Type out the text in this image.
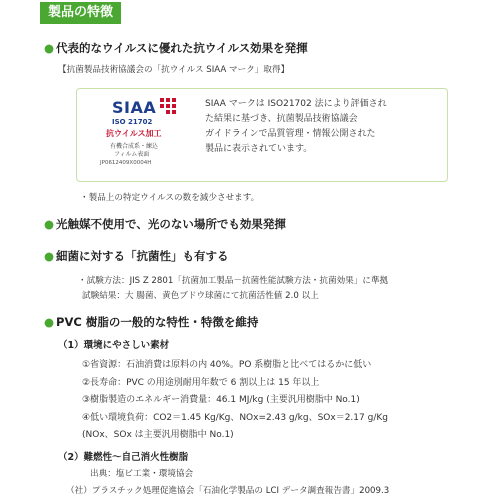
製品の特徴
● 代表的なウイルスに優れた抗ウイルス効果を発揮
【抗菌製品技術協議会の「抗ウイルス SIAA マーク」取得】
SIAA
ISO 21702
抗ウイルス加工
有機合成系・練込
フィルム表面
JP0612409X0004H
SIAA マークは ISO21702 法により評価され
た結果に基づき、抗菌製品技術協議会
ガイドラインで品質管理・情報公開された
製品に表示されています。
・製品上の特定ウイルスの数を減少させます。
● 光触媒不使用で、光のない場所でも効果発揮
● 細菌に対する「抗菌性」も有する
・試験方法：JIS Z 2801「抗菌加工製品－抗菌性能試験方法・抗菌効果」に準拠
試験結果：大 腸菌、黄色ブドウ球菌にて抗菌活性値 2.0 以上
● PVC 樹脂の一般的な特性・特徴を維持
（1）環境にやさしい素材
①省資源：石油消費は原料の内 40%。PO 系樹脂と比べてはるかに低い
②長寿命：PVC の用途別耐用年数で 6 割以上は 15 年以上
③樹脂製造のエネルギー消費量：46.1 MJ/kg (主要汎用樹脂中 No.1)
④低い環境負荷：CO2＝1.45 Kg/Kg、NOx=2.43 g/kg、SOx＝2.17 g/Kg
(NOx、SOx は主要汎用樹脂中 No.1)
（2）難燃性～自己消火性樹脂
出典：塩ビ工業・環境協会
（社）プラスチック処理促進協会「石油化学製品の LCI データ調査報告書」2009.3
